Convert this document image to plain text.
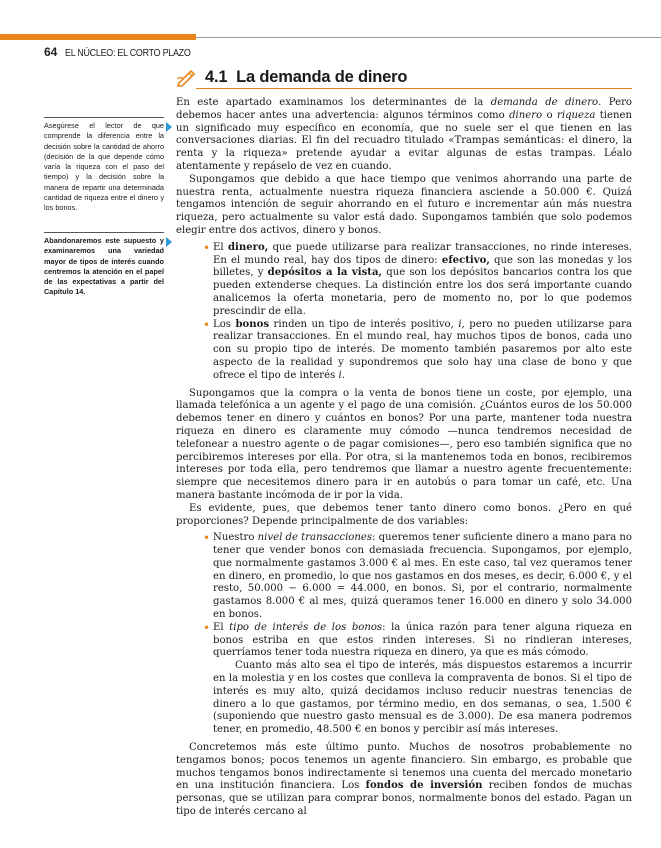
64 EL NÚCLEO: EL CORTO PLAZO
4.1 La demanda de dinero
Asegúrese el lector de que comprende la diferencia entre la decisión sobre la cantidad de ahorro (decisión de la que depende cómo varía la riqueza con el paso del tiempo) y la decisión sobre la manera de repartir una determinada cantidad de riqueza entre el dinero y los bonos.
Abandonaremos este supuesto y examinaremos una variedad mayor de tipos de interés cuando centremos la atención en el papel de las expectativas a partir del Capítulo 14.

En este apartado examinamos los determinantes de la demanda de dinero. Pero debemos hacer antes una advertencia: algunos términos como dinero o riqueza tienen un significado muy específico en economía, que no suele ser el que tienen en las conversaciones diarias. El fin del recuadro titulado «Trampas semánticas: el dinero, la renta y la riqueza» pretende ayudar a evitar algunas de estas trampas. Léalo atentamente y repáselo de vez en cuando.

Supongamos que debido a que hace tiempo que venimos ahorrando una parte de nuestra renta, actualmente nuestra riqueza financiera asciende a 50.000 €. Quizá tengamos intención de seguir ahorrando en el futuro e incrementar aún más nuestra riqueza, pero actualmente su valor está dado. Supongamos también que solo podemos elegir entre dos activos, dinero y bonos.

• El dinero, que puede utilizarse para realizar transacciones, no rinde intereses. En el mundo real, hay dos tipos de dinero: efectivo, que son las monedas y los billetes, y depósitos a la vista, que son los depósitos bancarios contra los que pueden extenderse cheques. La distinción entre los dos será importante cuando analicemos la oferta monetaria, pero de momento no, por lo que podemos prescindir de ella.
• Los bonos rinden un tipo de interés positivo, i, pero no pueden utilizarse para realizar transacciones. En el mundo real, hay muchos tipos de bonos, cada uno con su propio tipo de interés. De momento también pasaremos por alto este aspecto de la realidad y supondremos que solo hay una clase de bono y que ofrece el tipo de interés i.

Supongamos que la compra o la venta de bonos tiene un coste, por ejemplo, una llamada telefónica a un agente y el pago de una comisión. ¿Cuántos euros de los 50.000 debemos tener en dinero y cuántos en bonos? Por una parte, mantener toda nuestra riqueza en dinero es claramente muy cómodo —nunca tendremos necesidad de telefonear a nuestro agente o de pagar comisiones—, pero eso también significa que no percibiremos intereses por ella. Por otra, si la mantenemos toda en bonos, recibiremos intereses por toda ella, pero tendremos que llamar a nuestro agente frecuentemente: siempre que necesitemos dinero para ir en autobús o para tomar un café, etc. Una manera bastante incómoda de ir por la vida.

Es evidente, pues, que debemos tener tanto dinero como bonos. ¿Pero en qué proporciones? Depende principalmente de dos variables:

• Nuestro nivel de transacciones: queremos tener suficiente dinero a mano para no tener que vender bonos con demasiada frecuencia. Supongamos, por ejemplo, que normalmente gastamos 3.000 € al mes. En este caso, tal vez queramos tener en dinero, en promedio, lo que nos gastamos en dos meses, es decir, 6.000 €, y el resto, 50.000 − 6.000 = 44.000, en bonos. Si, por el contrario, normalmente gastamos 8.000 € al mes, quizá queramos tener 16.000 en dinero y solo 34.000 en bonos.
• El tipo de interés de los bonos: la única razón para tener alguna riqueza en bonos estriba en que estos rinden intereses. Si no rindieran intereses, querríamos tener toda nuestra riqueza en dinero, ya que es más cómodo.

Cuanto más alto sea el tipo de interés, más dispuestos estaremos a incurrir en la molestia y en los costes que conlleva la compraventa de bonos. Si el tipo de interés es muy alto, quizá decidamos incluso reducir nuestras tenencias de dinero a lo que gastamos, por término medio, en dos semanas, o sea, 1.500 € (suponiendo que nuestro gasto mensual es de 3.000). De esa manera podremos tener, en promedio, 48.500 € en bonos y percibir así más intereses.

Concretemos más este último punto. Muchos de nosotros probablemente no tengamos bonos; pocos tenemos un agente financiero. Sin embargo, es probable que muchos tengamos bonos indirectamente si tenemos una cuenta del mercado monetario en una institución financiera. Los fondos de inversión reciben fondos de muchas personas, que se utilizan para comprar bonos, normalmente bonos del estado. Pagan un tipo de interés cercano al
